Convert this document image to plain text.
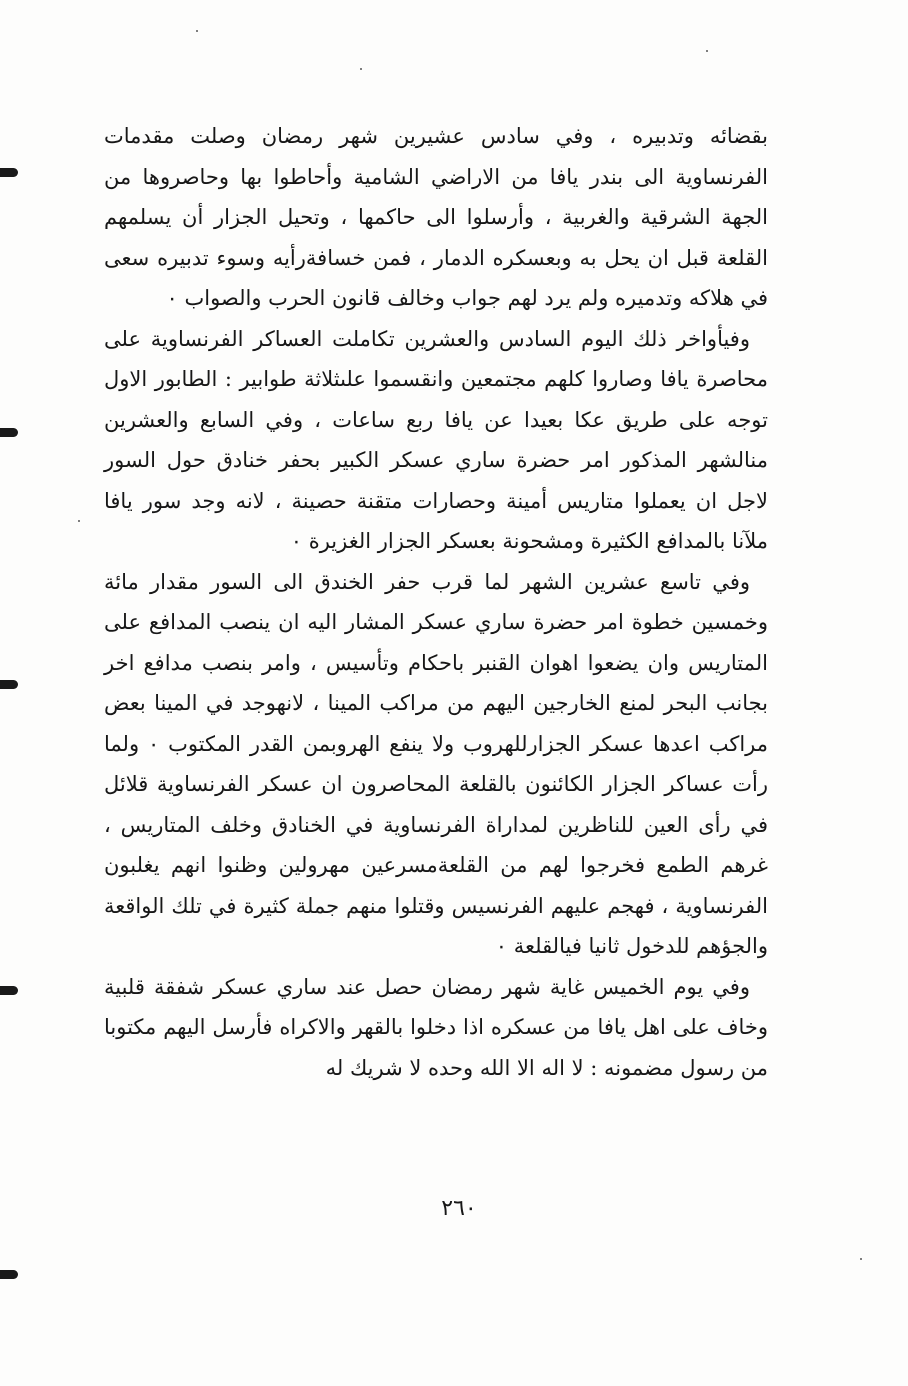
بقضائه وتدبيره ، وفي سادس عشيرين شهر رمضان وصلت مقدمات الفرنساوية الى بندر يافا من الاراضي الشامية وأحاطوا بها وحاصروها من الجهة الشرقية والغربية ، وأرسلوا الى حاكمها ، وتحيل الجزار أن يسلمهم القلعة قبل ان يحل به وبعسكره الدمار ، فمن خسافةرأيه وسوء تدبيره سعى في هلاكه وتدميره ولم يرد لهم جواب وخالف قانون الحرب والصواب ٠

وفيأواخر ذلك اليوم السادس والعشرين تكاملت العساكر الفرنساوية على محاصرة يافا وصاروا كلهم مجتمعين وانقسموا علىثلاثة طوابير : الطابور الاول توجه على طريق عكا بعيدا عن يافا ربع ساعات ، وفي السابع والعشرين منالشهر المذكور امر حضرة ساري عسكر الكبير بحفر خنادق حول السور لاجل ان يعملوا متاريس أمينة وحصارات متقنة حصينة ، لانه وجد سور يافا ملآنا بالمدافع الكثيرة ومشحونة بعسكر الجزار الغزيرة ٠

وفي تاسع عشرين الشهر لما قرب حفر الخندق الى السور مقدار مائة وخمسين خطوة امر حضرة ساري عسكر المشار اليه ان ينصب المدافع على المتاريس وان يضعوا اهوان القنبر باحكام وتأسيس ، وامر بنصب مدافع اخر بجانب البحر لمنع الخارجين اليهم من مراكب المينا ، لانهوجد في المينا بعض مراكب اعدها عسكر الجزارللهروب ولا ينفع الهروبمن القدر المكتوب ٠ ولما رأت عساكر الجزار الكائنون بالقلعة المحاصرون ان عسكر الفرنساوية قلائل في رأى العين للناظرين لمداراة الفرنساوية في الخنادق وخلف المتاريس ، غرهم الطمع فخرجوا لهم من القلعةمسرعين مهرولين وظنوا انهم يغلبون الفرنساوية ، فهجم عليهم الفرنسيس وقتلوا منهم جملة كثيرة في تلك الواقعة والجؤهم للدخول ثانيا فيالقلعة ٠

وفي يوم الخميس غاية شهر رمضان حصل عند ساري عسكر شفقة قلبية وخاف على اهل يافا من عسكره اذا دخلوا بالقهر والاكراه فأرسل اليهم مكتوبا من رسول مضمونه : لا اله الا الله وحده لا شريك له

٢٦٠
